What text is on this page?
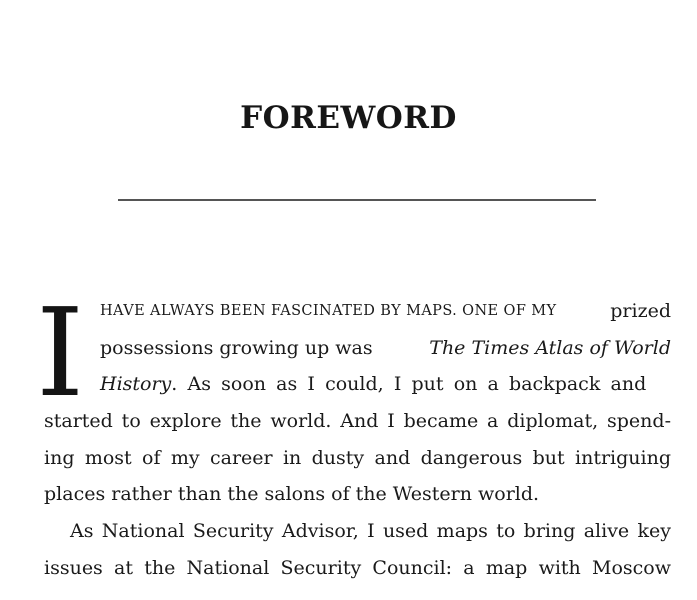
FOREWORD
I HAVE ALWAYS BEEN FASCINATED BY MAPS. ONE OF MY	prized
possessions growing up was	The Times Atlas of World
History. As soon as I could, I put on a backpack and
started to explore the world. And I became a diplomat, spend-
ing most of my career in dusty and dangerous but intriguing
places rather than the salons of the Western world.
As National Security Advisor, I used maps to bring alive key
issues at the National Security Council: a map with Moscow
